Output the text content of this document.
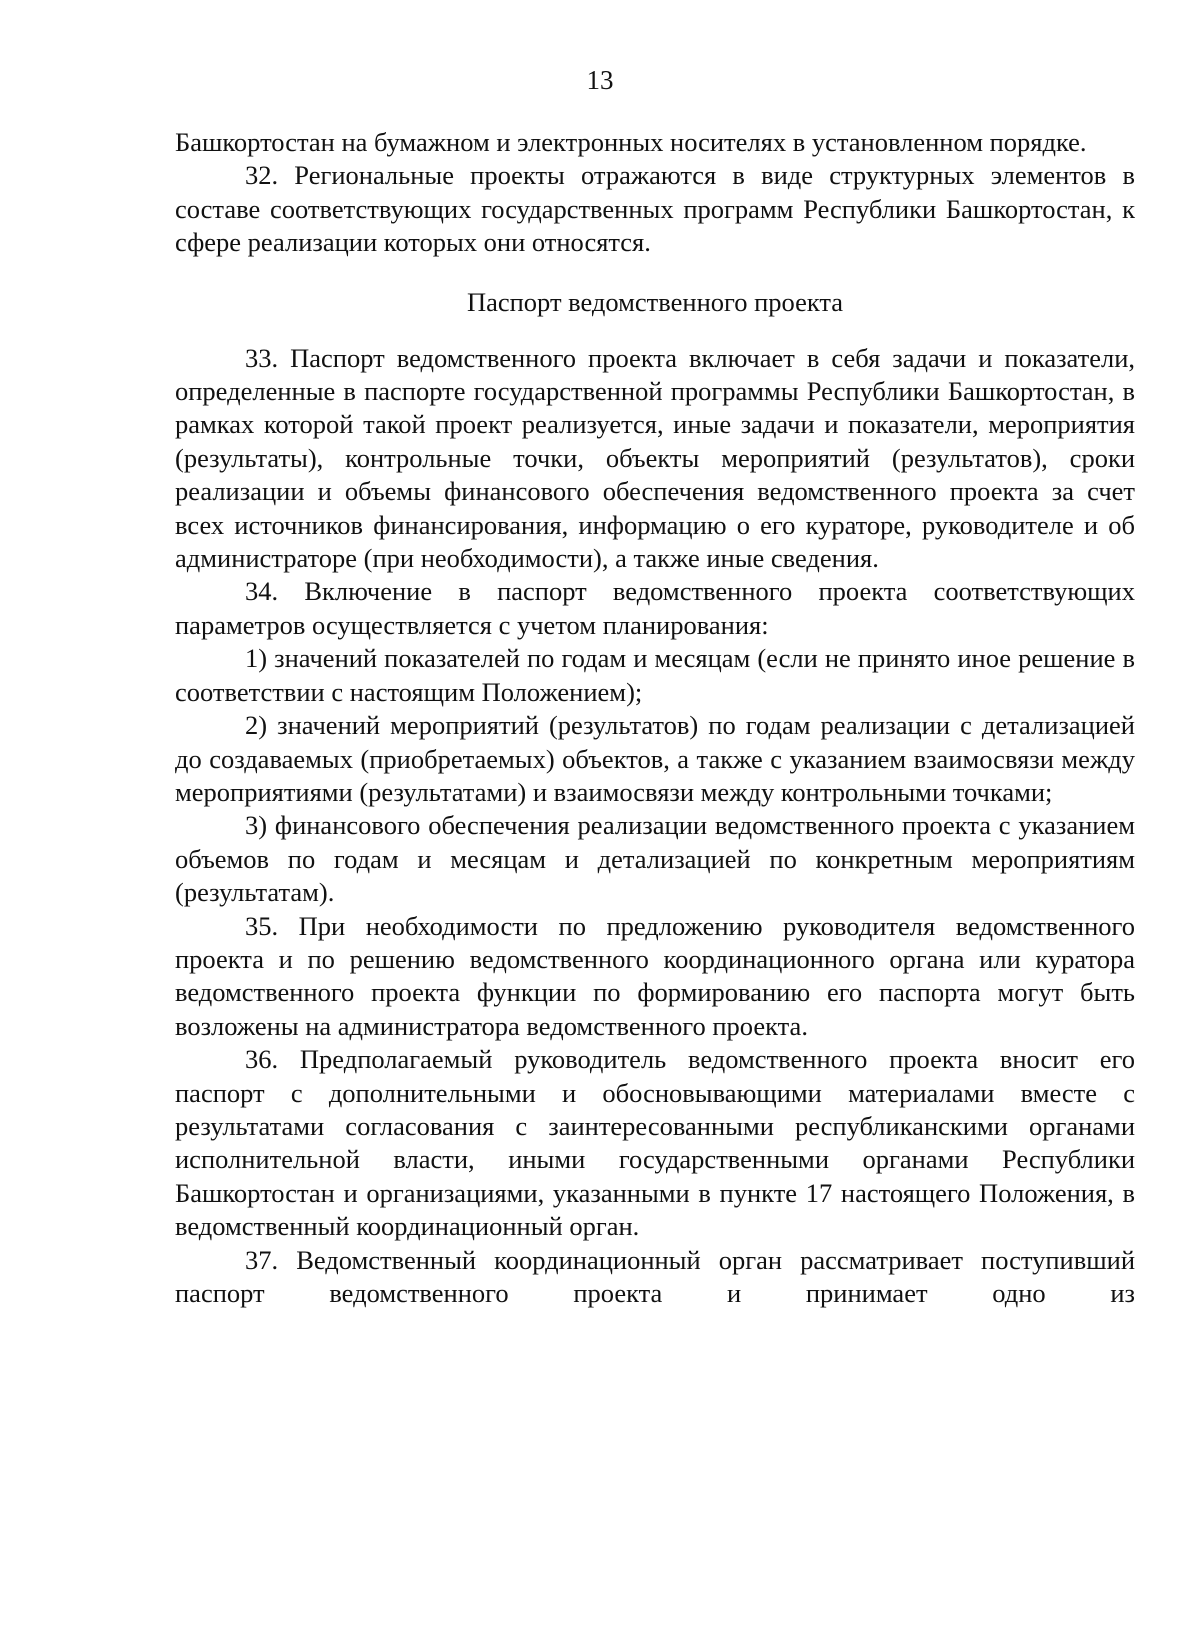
13

Башкортостан на бумажном и электронных носителях в установленном порядке.

32. Региональные проекты отражаются в виде структурных элементов в составе соответствующих государственных программ Республики Башкортостан, к сфере реализации которых они относятся.

Паспорт ведомственного проекта

33. Паспорт ведомственного проекта включает в себя задачи и показатели, определенные в паспорте государственной программы Республики Башкортостан, в рамках которой такой проект реализуется, иные задачи и показатели, мероприятия (результаты), контрольные точки, объекты мероприятий (результатов), сроки реализации и объемы финансового обеспечения ведомственного проекта за счет всех источников финансирования, информацию о его кураторе, руководителе и об администраторе (при необходимости), а также иные сведения.

34. Включение в паспорт ведомственного проекта соответствующих параметров осуществляется с учетом планирования:

1) значений показателей по годам и месяцам (если не принято иное решение в соответствии с настоящим Положением);

2) значений мероприятий (результатов) по годам реализации с детализацией до создаваемых (приобретаемых) объектов, а также с указанием взаимосвязи между мероприятиями (результатами) и взаимосвязи между контрольными точками;

3) финансового обеспечения реализации ведомственного проекта с указанием объемов по годам и месяцам и детализацией по конкретным мероприятиям (результатам).

35. При необходимости по предложению руководителя ведомственного проекта и по решению ведомственного координационного органа или куратора ведомственного проекта функции по формированию его паспорта могут быть возложены на администратора ведомственного проекта.

36. Предполагаемый руководитель ведомственного проекта вносит его паспорт с дополнительными и обосновывающими материалами вместе с результатами согласования с заинтересованными республиканскими органами исполнительной власти, иными государственными органами Республики Башкортостан и организациями, указанными в пункте 17 настоящего Положения, в ведомственный координационный орган.

37. Ведомственный координационный орган рассматривает поступивший паспорт ведомственного проекта и принимает одно из
